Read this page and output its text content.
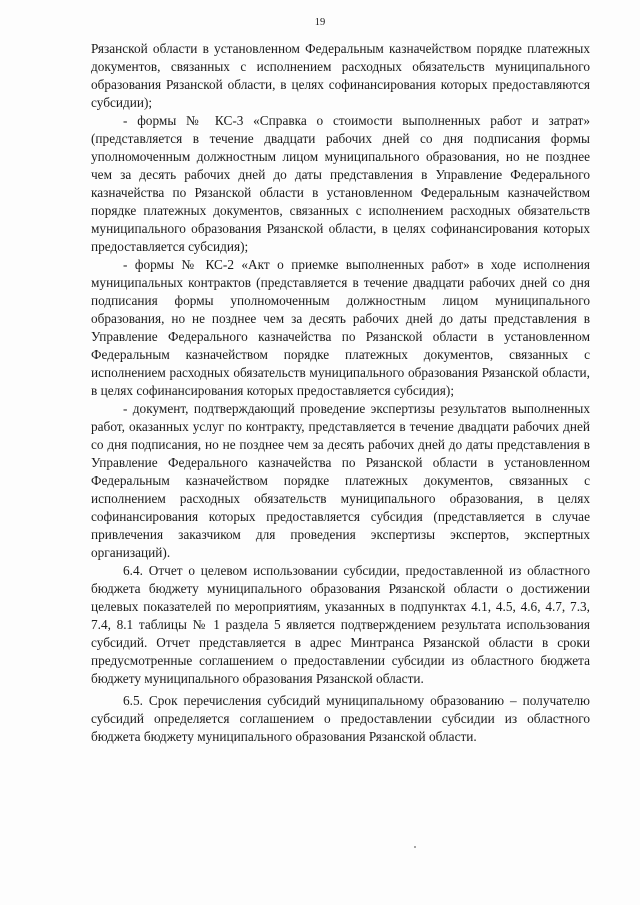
19

Рязанской области в установленном Федеральным казначейством порядке платежных документов, связанных с исполнением расходных обязательств муниципального образования Рязанской области, в целях софинансирования которых предоставляются субсидии);

- формы № КС-3 «Справка о стоимости выполненных работ и затрат» (представляется в течение двадцати рабочих дней со дня подписания формы уполномоченным должностным лицом муниципального образования, но не позднее чем за десять рабочих дней до даты представления в Управление Федерального казначейства по Рязанской области в установленном Федеральным казначейством порядке платежных документов, связанных с исполнением расходных обязательств муниципального образования Рязанской области, в целях софинансирования которых предоставляется субсидия);

- формы № КС-2 «Акт о приемке выполненных работ» в ходе исполнения муниципальных контрактов (представляется в течение двадцати рабочих дней со дня подписания формы уполномоченным должностным лицом муниципального образования, но не позднее чем за десять рабочих дней до даты представления в Управление Федерального казначейства по Рязанской области в установленном Федеральным казначейством порядке платежных документов, связанных с исполнением расходных обязательств муниципального образования Рязанской области, в целях софинансирования которых предоставляется субсидия);

- документ, подтверждающий проведение экспертизы результатов выполненных работ, оказанных услуг по контракту, представляется в течение двадцати рабочих дней со дня подписания, но не позднее чем за десять рабочих дней до даты представления в Управление Федерального казначейства по Рязанской области в установленном Федеральным казначейством порядке платежных документов, связанных с исполнением расходных обязательств муниципального образования, в целях софинансирования которых предоставляется субсидия (представляется в случае привлечения заказчиком для проведения экспертизы экспертов, экспертных организаций).

6.4. Отчет о целевом использовании субсидии, предоставленной из областного бюджета бюджету муниципального образования Рязанской области о достижении целевых показателей по мероприятиям, указанных в подпунктах 4.1, 4.5, 4.6, 4.7, 7.3, 7.4, 8.1 таблицы № 1 раздела 5 является подтверждением результата использования субсидий. Отчет представляется в адрес Минтранса Рязанской области в сроки предусмотренные соглашением о предоставлении субсидии из областного бюджета бюджету муниципального образования Рязанской области.

6.5. Срок перечисления субсидий муниципальному образованию – получателю субсидий определяется соглашением о предоставлении субсидии из областного бюджета бюджету муниципального образования Рязанской области.
